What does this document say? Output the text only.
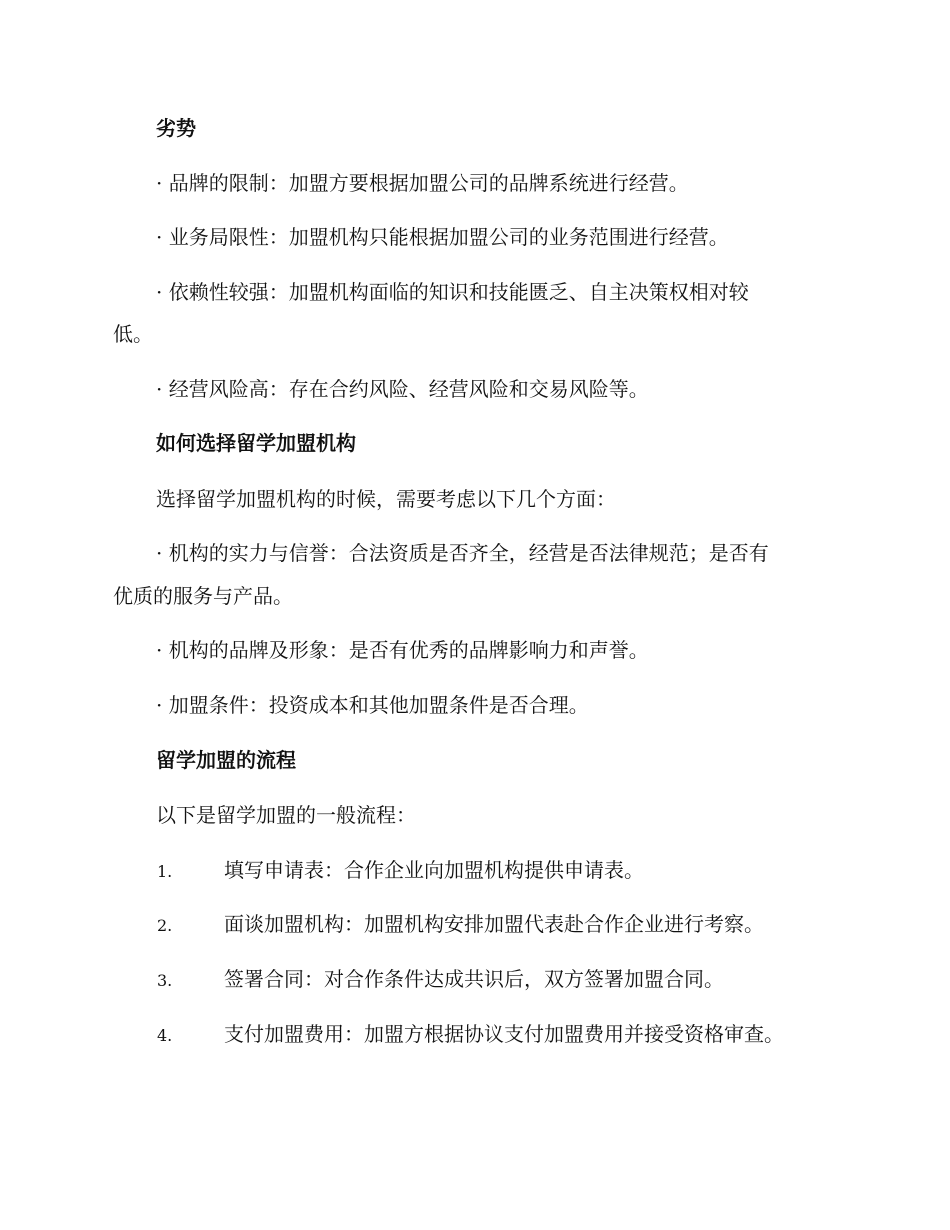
劣势
· 品牌的限制：加盟方要根据加盟公司的品牌系统进行经营。
· 业务局限性：加盟机构只能根据加盟公司的业务范围进行经营。
· 依赖性较强：加盟机构面临的知识和技能匮乏、自主决策权相对较
低。
· 经营风险高：存在合约风险、经营风险和交易风险等。
如何选择留学加盟机构
选择留学加盟机构的时候，需要考虑以下几个方面：
· 机构的实力与信誉：合法资质是否齐全，经营是否法律规范；是否有
优质的服务与产品。
· 机构的品牌及形象：是否有优秀的品牌影响力和声誉。
· 加盟条件：投资成本和其他加盟条件是否合理。
留学加盟的流程
以下是留学加盟的一般流程：
1.	填写申请表：合作企业向加盟机构提供申请表。
2.	面谈加盟机构：加盟机构安排加盟代表赴合作企业进行考察。
3.	签署合同：对合作条件达成共识后，双方签署加盟合同。
4.	支付加盟费用：加盟方根据协议支付加盟费用并接受资格审查。
